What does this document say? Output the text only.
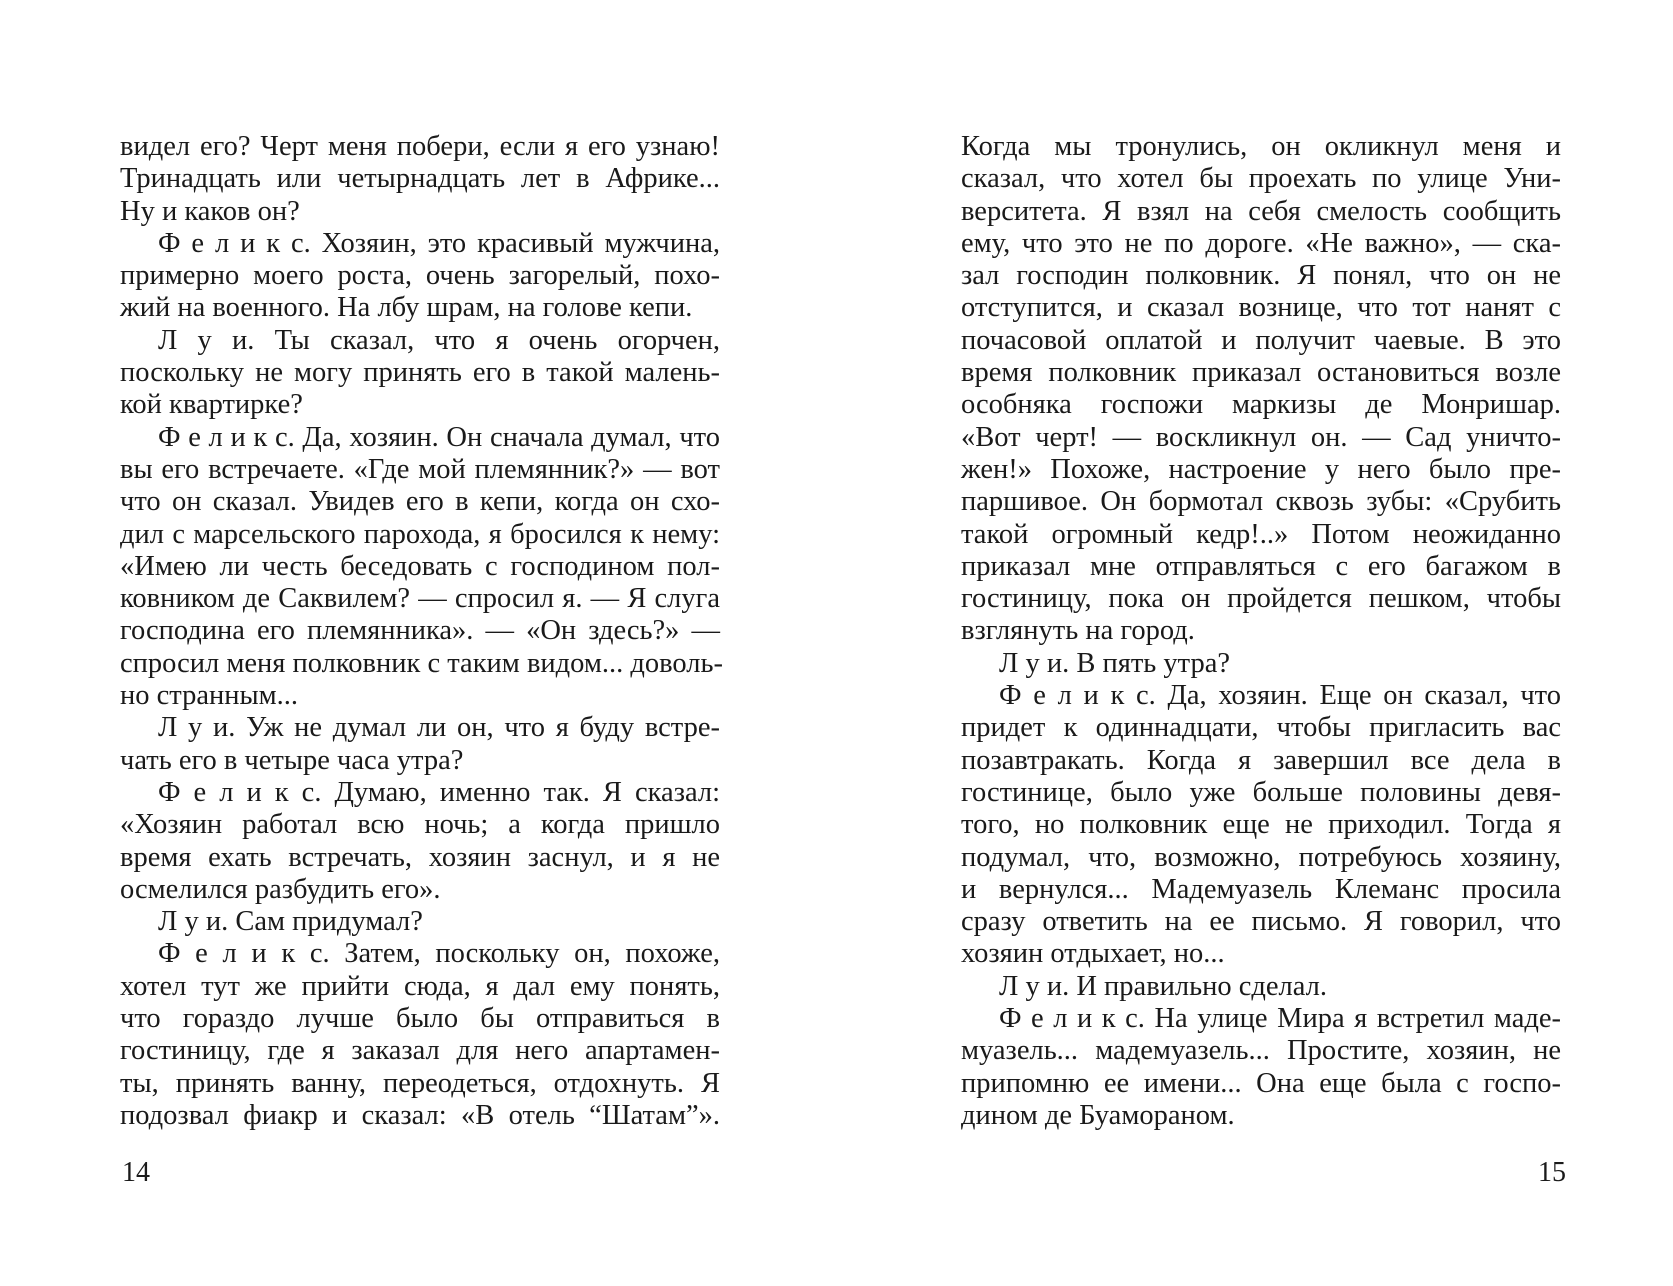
видел его? Черт меня побери, если я его узнаю!
Тринадцать или четырнадцать лет в Африке...
Ну и каков он?
Ф е л и к с. Хозяин, это красивый мужчина,
примерно моего роста, очень загорелый, похо-
жий на военного. На лбу шрам, на голове кепи.
Л у и. Ты сказал, что я очень огорчен,
поскольку не могу принять его в такой малень-
кой квартирке?
Ф е л и к с. Да, хозяин. Он сначала думал, что
вы его встречаете. «Где мой племянник?» — вот
что он сказал. Увидев его в кепи, когда он схо-
дил с марсельского парохода, я бросился к нему:
«Имею ли честь беседовать с господином пол-
ковником де Саквилем? — спросил я. — Я слуга
господина его племянника». — «Он здесь?» —
спросил меня полковник с таким видом... доволь-
но странным...
Л у и. Уж не думал ли он, что я буду встре-
чать его в четыре часа утра?
Ф е л и к с. Думаю, именно так. Я сказал:
«Хозяин работал всю ночь; а когда пришло
время ехать встречать, хозяин заснул, и я не
осмелился разбудить его».
Л у и. Сам придумал?
Ф е л и к с. Затем, поскольку он, похоже,
хотел тут же прийти сюда, я дал ему понять,
что гораздо лучше было бы отправиться в
гостиницу, где я заказал для него апартамен-
ты, принять ванну, переодеться, отдохнуть. Я
подозвал фиакр и сказал: «В отель “Шатам”».
Когда мы тронулись, он окликнул меня и
сказал, что хотел бы проехать по улице Уни-
верситета. Я взял на себя смелость сообщить
ему, что это не по дороге. «Не важно», — ска-
зал господин полковник. Я понял, что он не
отступится, и сказал вознице, что тот нанят с
почасовой оплатой и получит чаевые. В это
время полковник приказал остановиться возле
особняка госпожи маркизы де Монришар.
«Вот черт! — воскликнул он. — Сад уничто-
жен!» Похоже, настроение у него было пре-
паршивое. Он бормотал сквозь зубы: «Срубить
такой огромный кедр!..» Потом неожиданно
приказал мне отправляться с его багажом в
гостиницу, пока он пройдется пешком, чтобы
взглянуть на город.
Л у и. В пять утра?
Ф е л и к с. Да, хозяин. Еще он сказал, что
придет к одиннадцати, чтобы пригласить вас
позавтракать. Когда я завершил все дела в
гостинице, было уже больше половины девя-
того, но полковник еще не приходил. Тогда я
подумал, что, возможно, потребуюсь хозяину,
и вернулся... Мадемуазель Клеманс просила
сразу ответить на ее письмо. Я говорил, что
хозяин отдыхает, но...
Л у и. И правильно сделал.
Ф е л и к с. На улице Мира я встретил маде-
муазель... мадемуазель... Простите, хозяин, не
припомню ее имени... Она еще была с госпо-
дином де Буамораном.
14	15
